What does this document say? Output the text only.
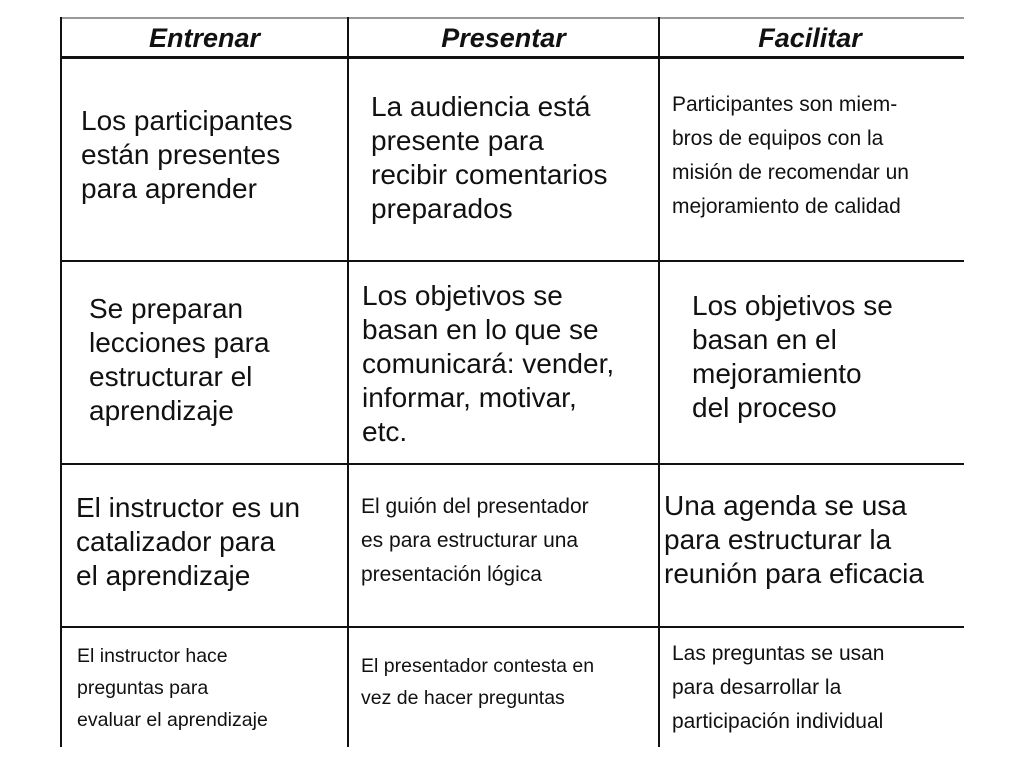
Entrenar	Presentar	Facilitar
Los participantes
están presentes
para aprender
La audiencia está
presente para
recibir comentarios
preparados
Participantes son miem-
bros de equipos con la
misión de recomendar un
mejoramiento de calidad
Se preparan
lecciones para
estructurar el
aprendizaje
Los objetivos se
basan en lo que se
comunicará: vender,
informar, motivar,
etc.
Los objetivos se
basan en el
mejoramiento
del proceso
El instructor es un
catalizador para
el aprendizaje
El guión del presentador
es para estructurar una
presentación lógica
Una agenda se usa
para estructurar la
reunión para eficacia
El instructor hace
preguntas para
evaluar el aprendizaje
El presentador contesta en
vez de hacer preguntas
Las preguntas se usan
para desarrollar la
participación individual
